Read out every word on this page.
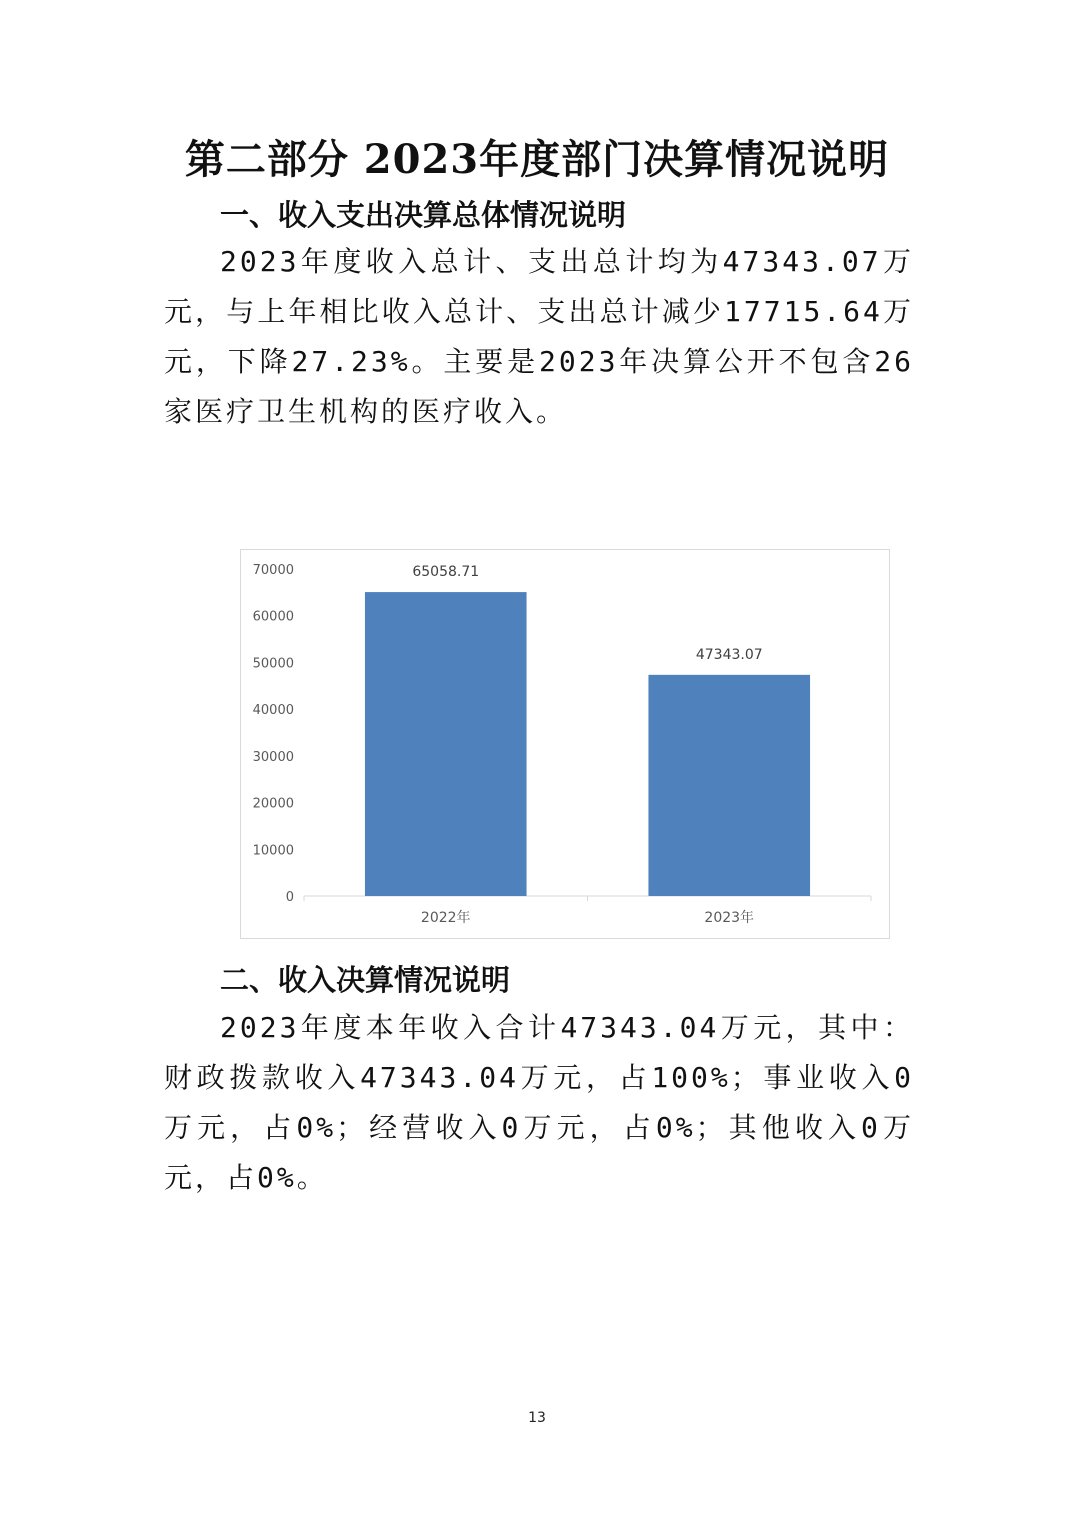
第二部分 2023年度部门决算情况说明
一、收入支出决算总体情况说明

2023年度收入总计、支出总计均为47343.07万元，与上年相比收入总计、支出总计减少17715.64万元，下降27.23%。主要是2023年决算公开不包含26家医疗卫生机构的医疗收入。

0
10000
20000
30000
40000
50000
60000
70000	65058.71
47343.07
2022年	2023年
二、收入决算情况说明

2023年度本年收入合计47343.04万元，其中：财政拨款收入47343.04万元，占100%；事业收入0万元，占0%；经营收入0万元，占0%；其他收入0万元，占0%。

13
